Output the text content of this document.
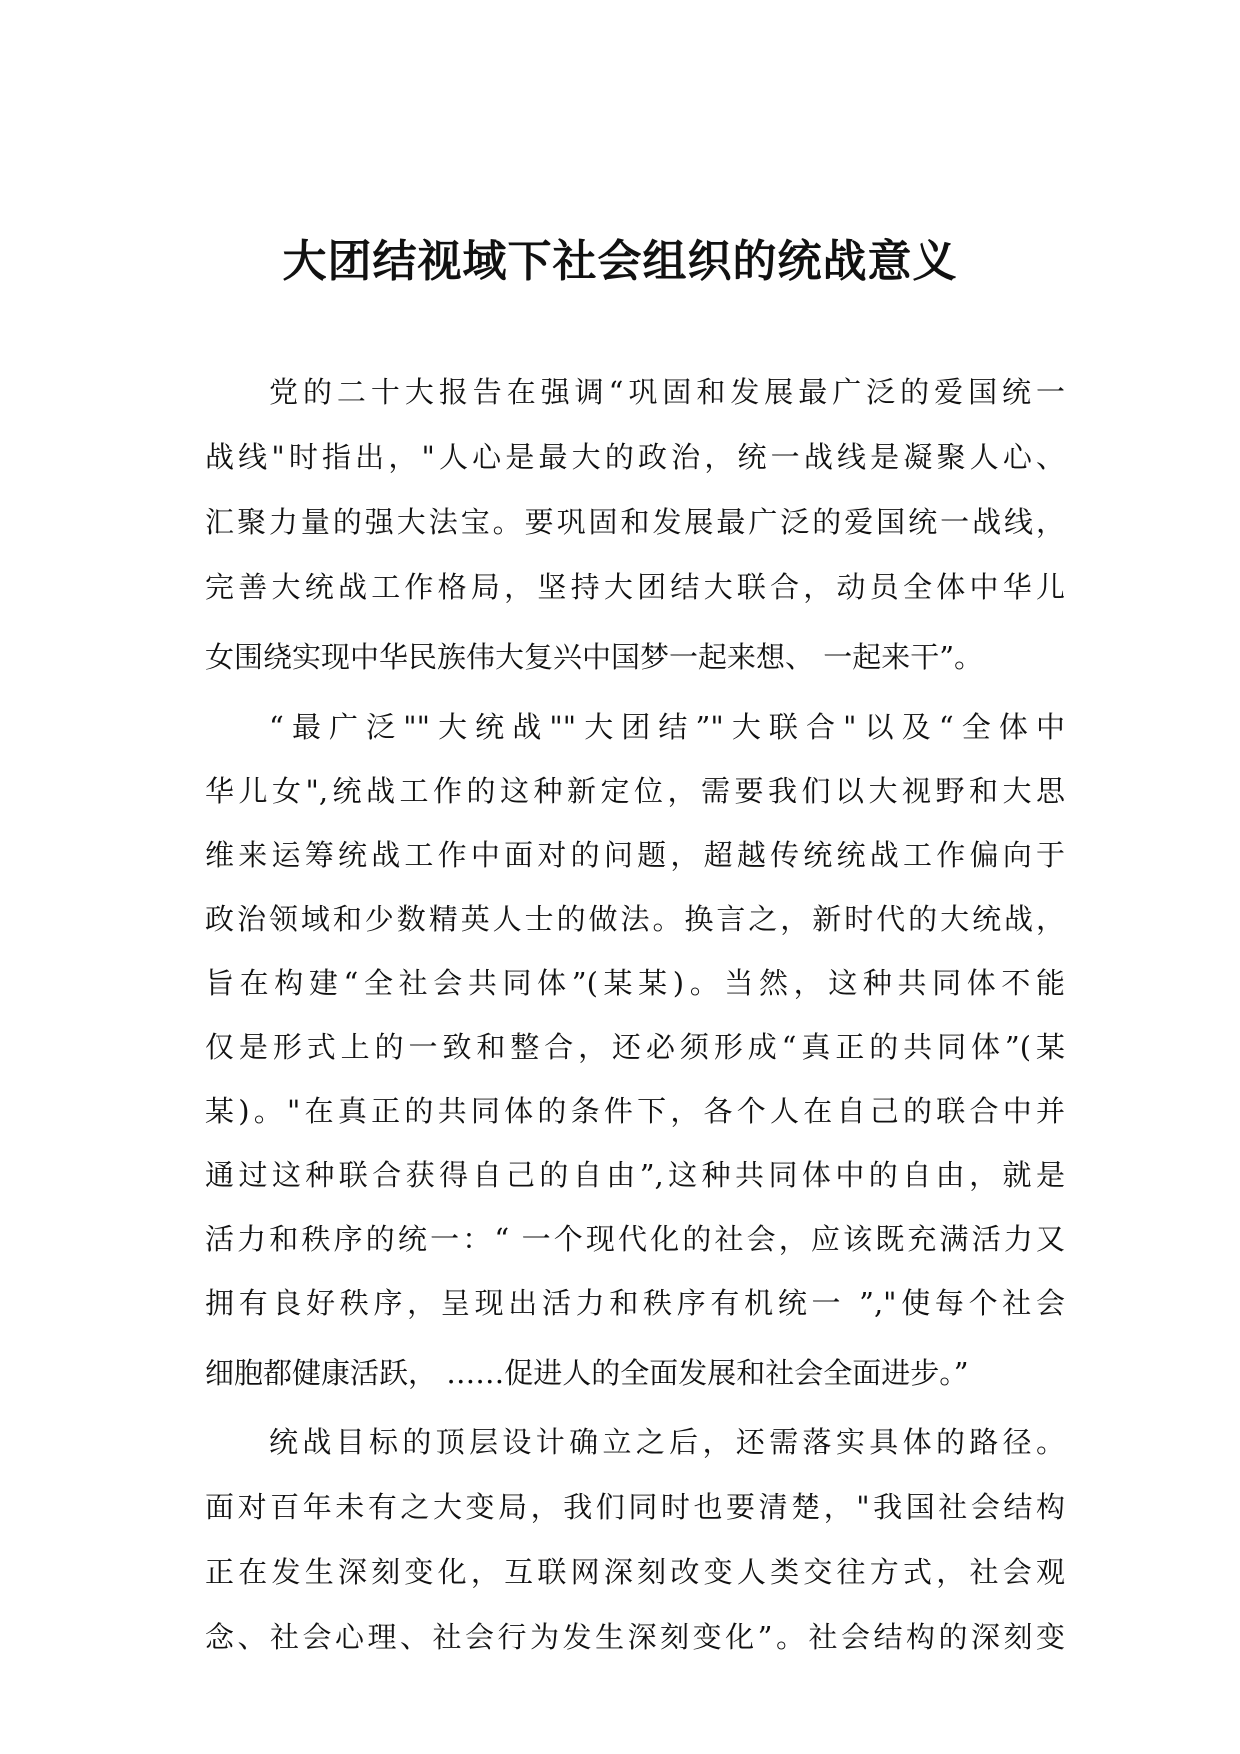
大团结视域下社会组织的统战意义
党的二十大报告在强调“巩固和发展最广泛的爱国统一
战线"时指出，"人心是最大的政治，统一战线是凝聚人心、
汇聚力量的强大法宝。要巩固和发展最广泛的爱国统一战线，
完善大统战工作格局，坚持大团结大联合，动员全体中华儿
女围绕实现中华民族伟大复兴中国梦一起来想、 一起来干”。
“最广泛""大统战""大团结”"大联合"以及“全体中
华儿女",统战工作的这种新定位，需要我们以大视野和大思
维来运筹统战工作中面对的问题，超越传统统战工作偏向于
政治领域和少数精英人士的做法。换言之，新时代的大统战，
旨在构建“全社会共同体”(某某)。当然，这种共同体不能
仅是形式上的一致和整合，还必须形成“真正的共同体”(某
某)。"在真正的共同体的条件下，各个人在自己的联合中并
通过这种联合获得自己的自由”,这种共同体中的自由，就是
活力和秩序的统一：“ 一个现代化的社会，应该既充满活力又
拥有良好秩序，呈现出活力和秩序有机统一 ”,"使每个社会
细胞都健康活跃， ……促进人的全面发展和社会全面进步。”
统战目标的顶层设计确立之后，还需落实具体的路径。
面对百年未有之大变局，我们同时也要清楚，"我国社会结构
正在发生深刻变化，互联网深刻改变人类交往方式，社会观
念、社会心理、社会行为发生深刻变化”。社会结构的深刻变
